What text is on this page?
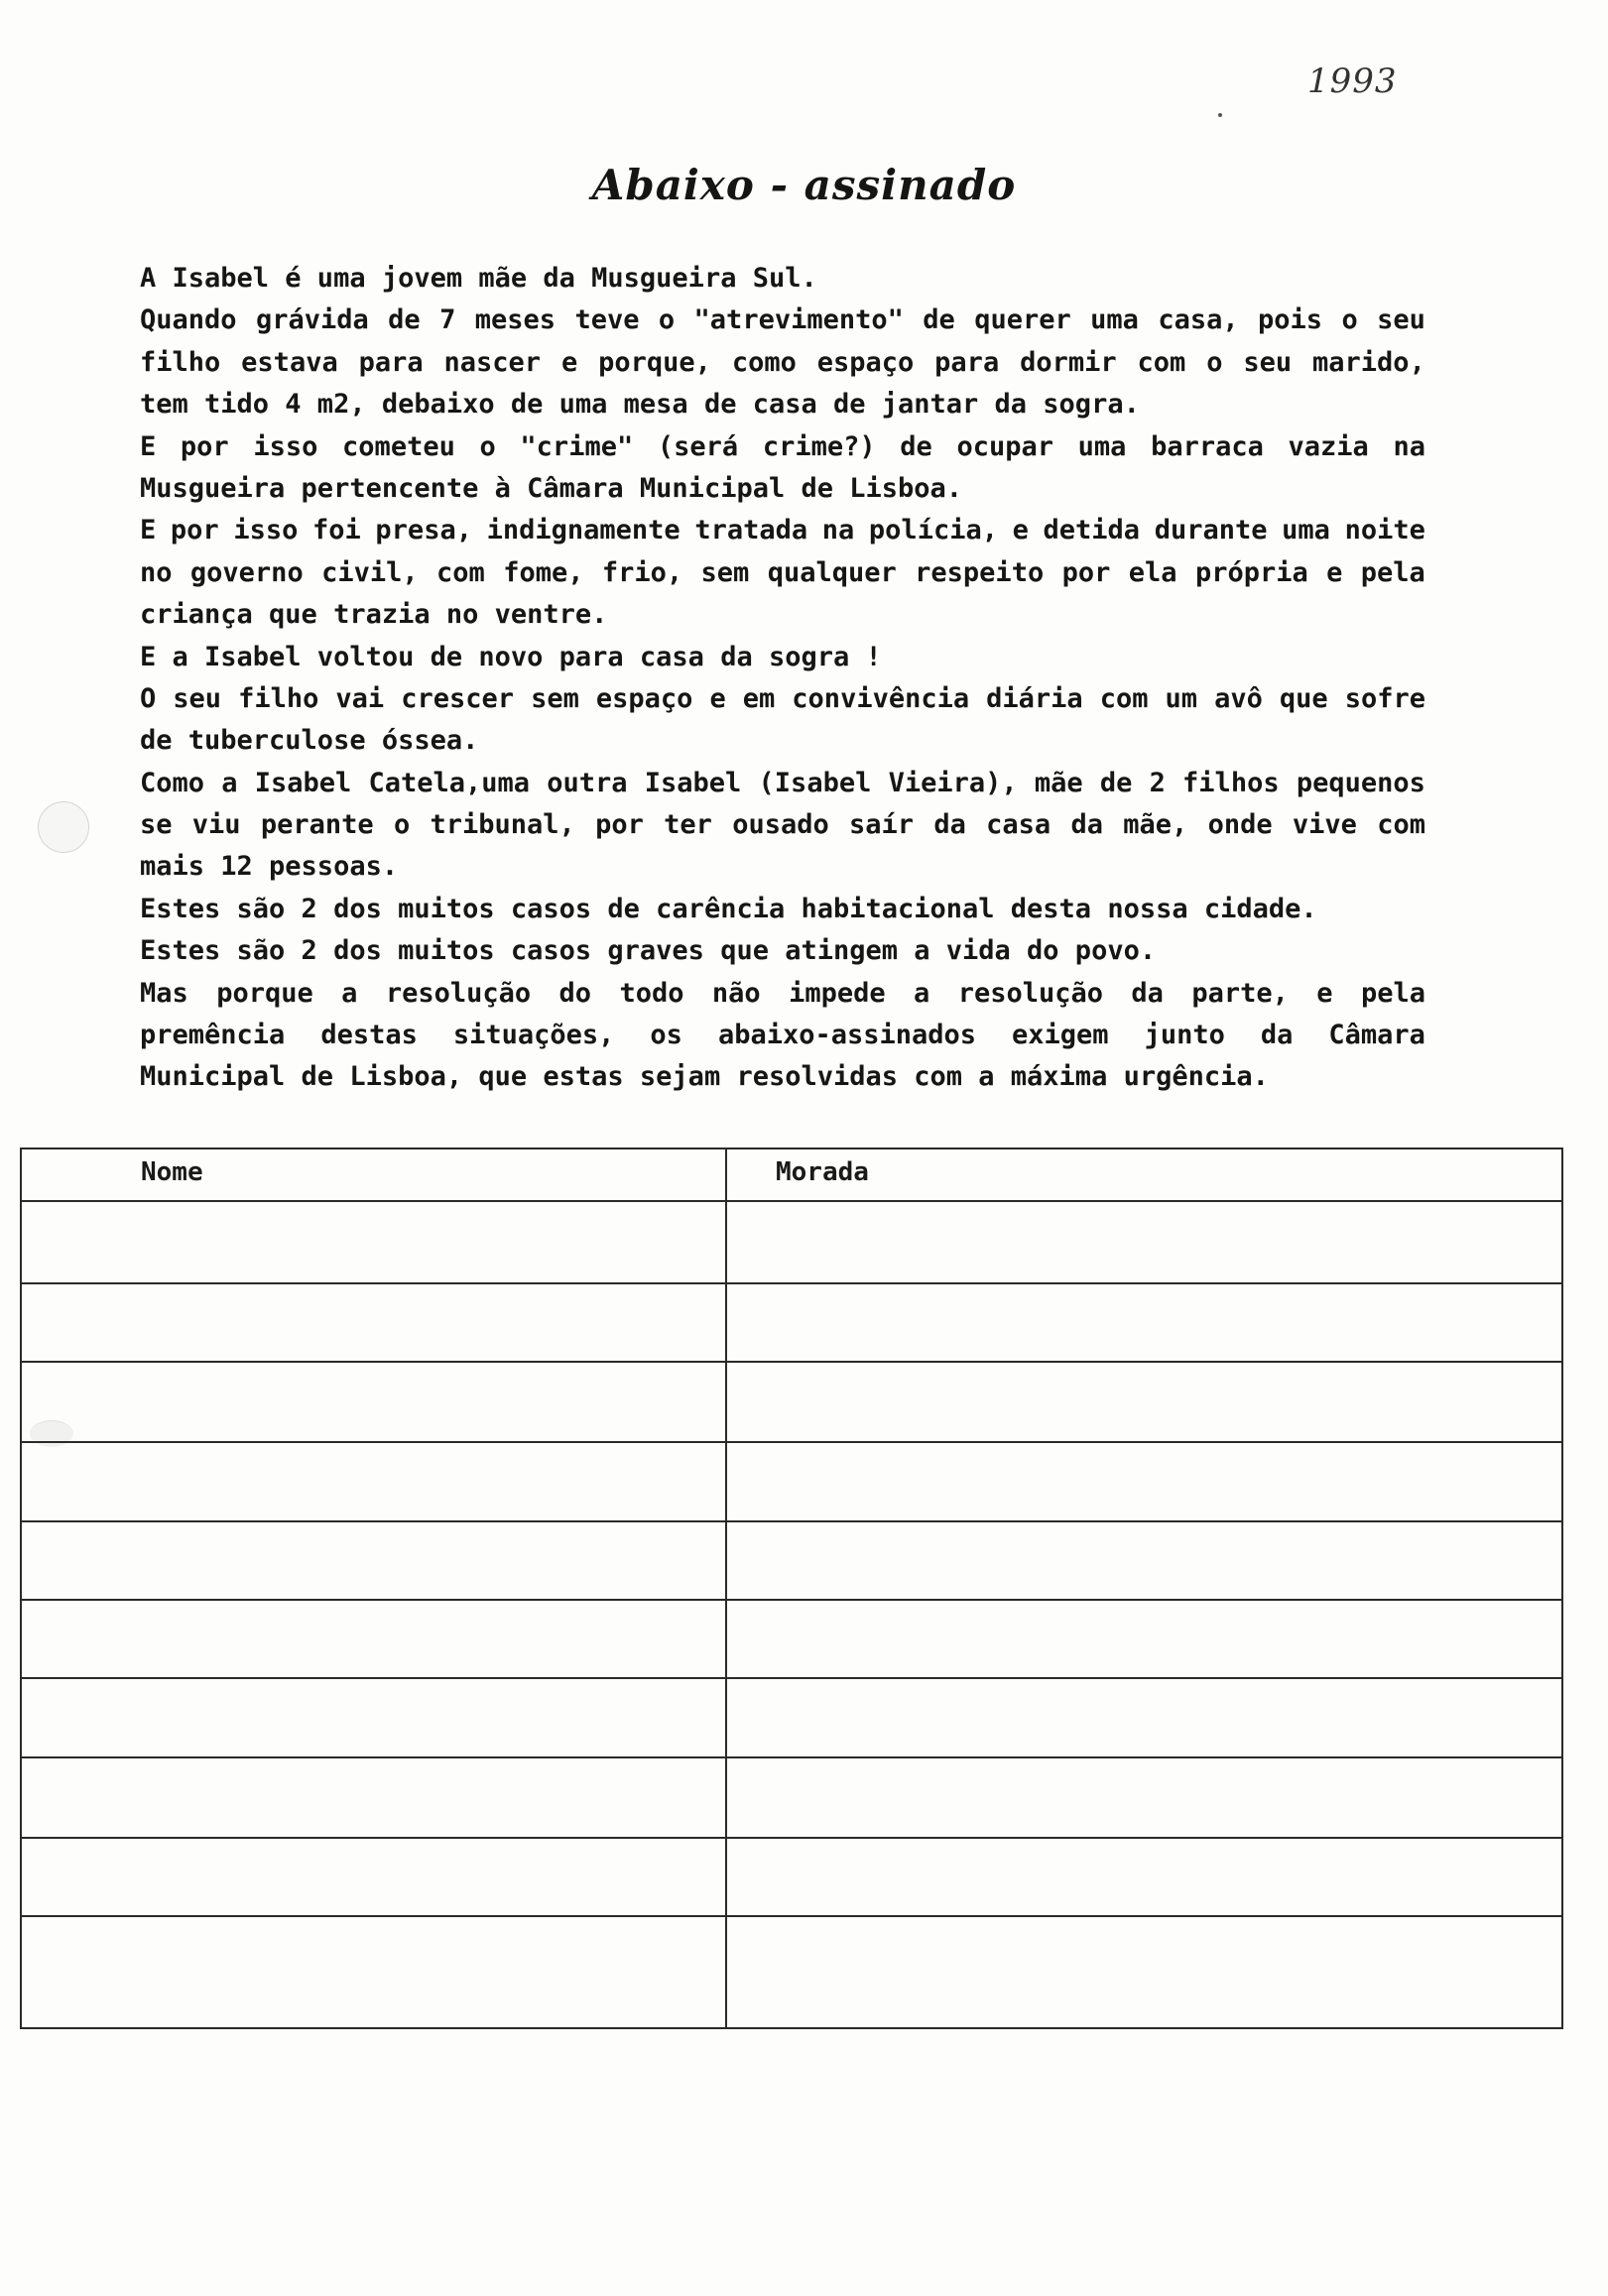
1993
Abaixo - assinado
A Isabel é uma jovem mãe da Musgueira Sul.
Quando grávida de 7 meses teve o "atrevimento" de querer uma casa, pois o seu
filho estava para nascer e porque, como espaço para dormir com o seu marido,
tem tido 4 m2, debaixo de uma mesa de casa de jantar da sogra.
E por isso cometeu o "crime" (será crime?) de ocupar uma barraca vazia na
Musgueira pertencente à Câmara Municipal de Lisboa.
E por isso foi presa, indignamente tratada na polícia, e detida durante uma noite
no governo civil, com fome, frio, sem qualquer respeito por ela própria e pela
criança que trazia no ventre.
E a Isabel voltou de novo para casa da sogra !
O seu filho vai crescer sem espaço e em convivência diária com um avô que sofre
de tuberculose óssea.
Como a Isabel Catela,uma outra Isabel (Isabel Vieira), mãe de 2 filhos pequenos
se viu perante o tribunal, por ter ousado saír da casa da mãe, onde vive com
mais 12 pessoas.
Estes são 2 dos muitos casos de carência habitacional desta nossa cidade.
Estes são 2 dos muitos casos graves que atingem a vida do povo.
Mas porque a resolução do todo não impede a resolução da parte, e pela
premência destas situações, os abaixo-assinados exigem junto da Câmara
Municipal de Lisboa, que estas sejam resolvidas com a máxima urgência.
Nome	Morada
